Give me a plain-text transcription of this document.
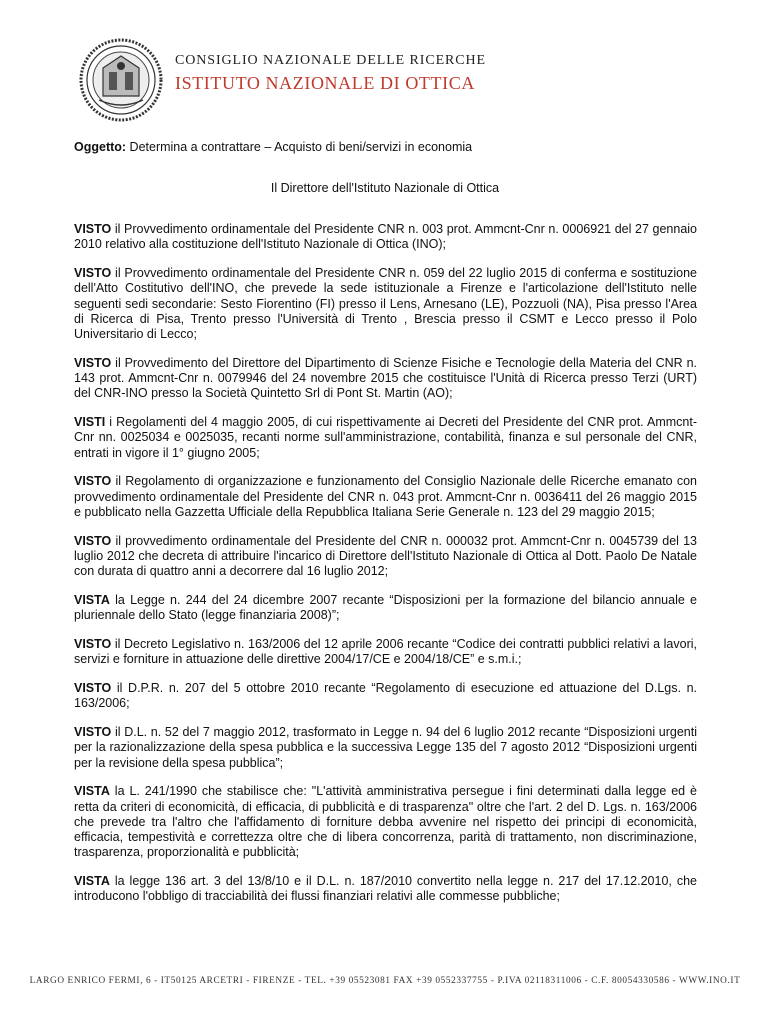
CONSIGLIO NAZIONALE DELLE RICERCHE
ISTITUTO NAZIONALE DI OTTICA
Oggetto: Determina a contrattare – Acquisto di beni/servizi in economia
Il Direttore dell'Istituto Nazionale di Ottica

VISTO il Provvedimento ordinamentale del Presidente CNR n. 003 prot. Ammcnt-Cnr n. 0006921 del 27 gennaio 2010 relativo alla costituzione dell'Istituto Nazionale di Ottica (INO);

VISTO il Provvedimento ordinamentale del Presidente CNR n. 059 del 22 luglio 2015 di conferma e sostituzione dell'Atto Costitutivo dell'INO, che prevede la sede istituzionale a Firenze e l'articolazione dell'Istituto nelle seguenti sedi secondarie: Sesto Fiorentino (FI) presso il Lens, Arnesano (LE), Pozzuoli (NA), Pisa presso l'Area di Ricerca di Pisa, Trento presso l'Università di Trento , Brescia presso il CSMT e Lecco presso il Polo Universitario di Lecco;

VISTO il Provvedimento del Direttore del Dipartimento di Scienze Fisiche e Tecnologie della Materia del CNR n. 143 prot. Ammcnt-Cnr n. 0079946 del 24 novembre 2015 che costituisce l'Unità di Ricerca presso Terzi (URT) del CNR-INO presso la Società Quintetto Srl di Pont St. Martin (AO);

VISTI i Regolamenti del 4 maggio 2005, di cui rispettivamente ai Decreti del Presidente del CNR prot. Ammcnt-Cnr nn. 0025034 e 0025035, recanti norme sull'amministrazione, contabilità, finanza e sul personale del CNR, entrati in vigore il 1° giugno 2005;

VISTO il Regolamento di organizzazione e funzionamento del Consiglio Nazionale delle Ricerche emanato con provvedimento ordinamentale del Presidente del CNR n. 043 prot. Ammcnt-Cnr n. 0036411 del 26 maggio 2015 e pubblicato nella Gazzetta Ufficiale della Repubblica Italiana Serie Generale n. 123 del 29 maggio 2015;

VISTO il provvedimento ordinamentale del Presidente del CNR n. 000032 prot. Ammcnt-Cnr n. 0045739 del 13 luglio 2012 che decreta di attribuire l'incarico di Direttore dell'Istituto Nazionale di Ottica al Dott. Paolo De Natale con durata di quattro anni a decorrere dal 16 luglio 2012;

VISTA la Legge n. 244 del 24 dicembre 2007 recante “Disposizioni per la formazione del bilancio annuale e pluriennale dello Stato (legge finanziaria 2008)”;

VISTO il Decreto Legislativo n. 163/2006 del 12 aprile 2006 recante “Codice dei contratti pubblici relativi a lavori, servizi e forniture in attuazione delle direttive 2004/17/CE e 2004/18/CE” e s.m.i.;

VISTO il D.P.R. n. 207 del 5 ottobre 2010 recante “Regolamento di esecuzione ed attuazione del D.Lgs. n. 163/2006;

VISTO il D.L. n. 52 del 7 maggio 2012, trasformato in Legge n. 94 del 6 luglio 2012 recante “Disposizioni urgenti per la razionalizzazione della spesa pubblica e la successiva Legge 135 del 7 agosto 2012 “Disposizioni urgenti per la revisione della spesa pubblica”;

VISTA la L. 241/1990 che stabilisce che: "L'attività amministrativa persegue i fini determinati dalla legge ed è retta da criteri di economicità, di efficacia, di pubblicità e di trasparenza" oltre che l'art. 2 del D. Lgs. n. 163/2006 che prevede tra l'altro che l'affidamento di forniture debba avvenire nel rispetto dei principi di economicità, efficacia, tempestività e correttezza oltre che di libera concorrenza, parità di trattamento, non discriminazione, trasparenza, proporzionalità e pubblicità;

VISTA la legge 136 art. 3 del 13/8/10 e il D.L. n. 187/2010 convertito nella legge n. 217 del 17.12.2010, che introducono l'obbligo di tracciabilità dei flussi finanziari relativi alle commesse pubbliche;

LARGO ENRICO FERMI, 6 - IT50125 ARCETRI - FIRENZE - TEL. +39 05523081 FAX +39 0552337755 - P.IVA 02118311006 - C.F. 80054330586 - WWW.INO.IT
